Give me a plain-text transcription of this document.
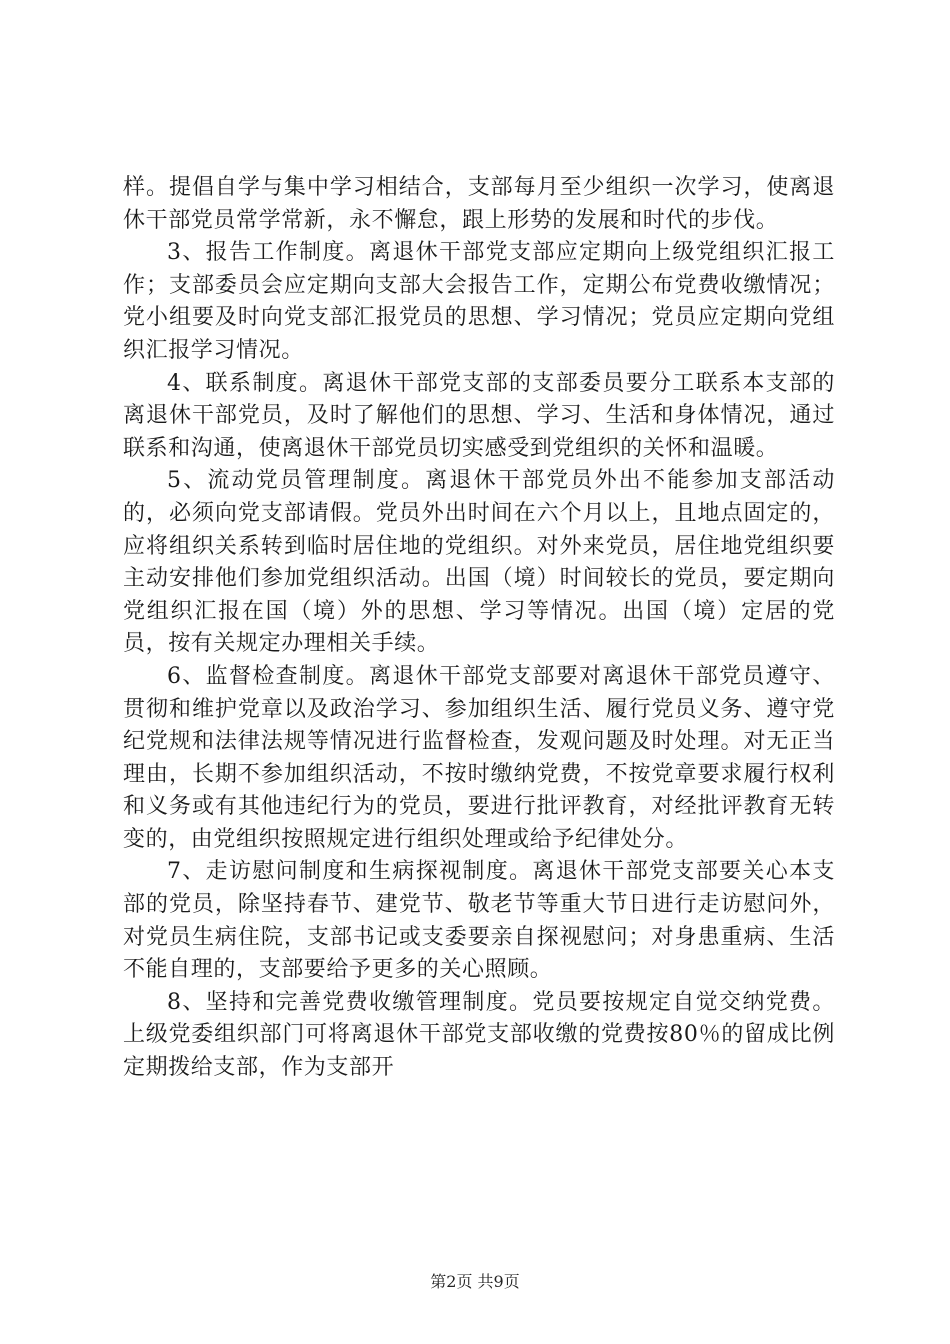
样。提倡自学与集中学习相结合，支部每月至少组织一次学习，使离退休干部党员常学常新，永不懈怠，跟上形势的发展和时代的步伐。

3、报告工作制度。离退休干部党支部应定期向上级党组织汇报工作；支部委员会应定期向支部大会报告工作，定期公布党费收缴情况；党小组要及时向党支部汇报党员的思想、学习情况；党员应定期向党组织汇报学习情况。

4、联系制度。离退休干部党支部的支部委员要分工联系本支部的离退休干部党员，及时了解他们的思想、学习、生活和身体情况，通过联系和沟通，使离退休干部党员切实感受到党组织的关怀和温暖。

5、流动党员管理制度。离退休干部党员外出不能参加支部活动的，必须向党支部请假。党员外出时间在六个月以上，且地点固定的，应将组织关系转到临时居住地的党组织。对外来党员，居住地党组织要主动安排他们参加党组织活动。出国（境）时间较长的党员，要定期向党组织汇报在国（境）外的思想、学习等情况。出国（境）定居的党员，按有关规定办理相关手续。

6、监督检查制度。离退休干部党支部要对离退休干部党员遵守、贯彻和维护党章以及政治学习、参加组织生活、履行党员义务、遵守党纪党规和法律法规等情况进行监督检查，发观问题及时处理。对无正当理由，长期不参加组织活动，不按时缴纳党费，不按党章要求履行权利和义务或有其他违纪行为的党员，要进行批评教育，对经批评教育无转变的，由党组织按照规定进行组织处理或给予纪律处分。

7、走访慰问制度和生病探视制度。离退休干部党支部要关心本支部的党员，除坚持春节、建党节、敬老节等重大节日进行走访慰问外，对党员生病住院，支部书记或支委要亲自探视慰问；对身患重病、生活不能自理的，支部要给予更多的关心照顾。

8、坚持和完善党费收缴管理制度。党员要按规定自觉交纳党费。上级党委组织部门可将离退休干部党支部收缴的党费按80％的留成比例定期拨给支部，作为支部开

第2页 共9页
